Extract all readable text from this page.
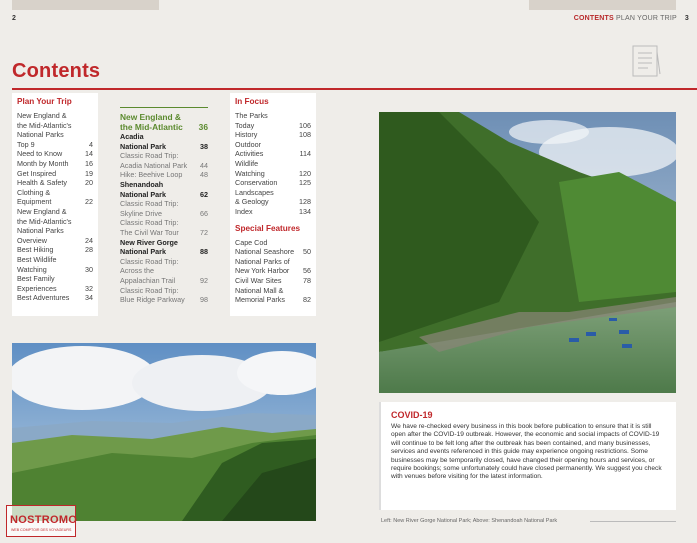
2	CONTENTS PLAN YOUR TRIP 3
Contents
Plan Your Trip
New England &
the Mid-Atlantic's
National Parks
Top 9	4
Need to Know	14
Month by Month 16
Get Inspired	19
Health & Safety	20
Clothing &
Equipment	22
New England &
the Mid-Atlantic's
National Parks
Overview	24
Best Hiking	28
Best Wildlife
Watching	30
Best Family
Experiences	32
Best Adventures 34
New England &
the Mid-Atlantic 36
Acadia
National Park	38
Classic Road Trip:
Acadia National Park 44
Hike: Beehive Loop 48
Shenandoah
National Park	62
Classic Road Trip:
Skyline Drive	66
Classic Road Trip:
The Civil War Tour	72
New River Gorge
National Park	88
Classic Road Trip:
Across the
Appalachian Trail	92
Classic Road Trip:
Blue Ridge Parkway 98
In Focus
The Parks
Today	106
History	108
Outdoor
Activities	114
Wildlife
Watching	120
Conservation	125
Landscapes
& Geology	128
Index	134
Special Features
Cape Cod
National Seashore 50
National Parks of
New York Harbor 56
Civil War Sites	78
National Mall &
Memorial Parks	82
COVID-19

We have re-checked every business in this book before publication to ensure that it is still open after the COVID-19 outbreak. However, the economic and social impacts of COVID-19 will continue to be felt long after the outbreak has been contained, and many businesses, services and events referenced in this guide may experience ongoing restrictions. Some businesses may be temporarily closed, have changed their opening hours and services, or require bookings; some unfortunately could have closed permanently. We suggest you check with venues before visiting for the latest information.

Left: New River Gorge National Park; Above: Shenandoah National Park
NOSTROMO
WEB COMPTOIR DES VOYAGEURS
